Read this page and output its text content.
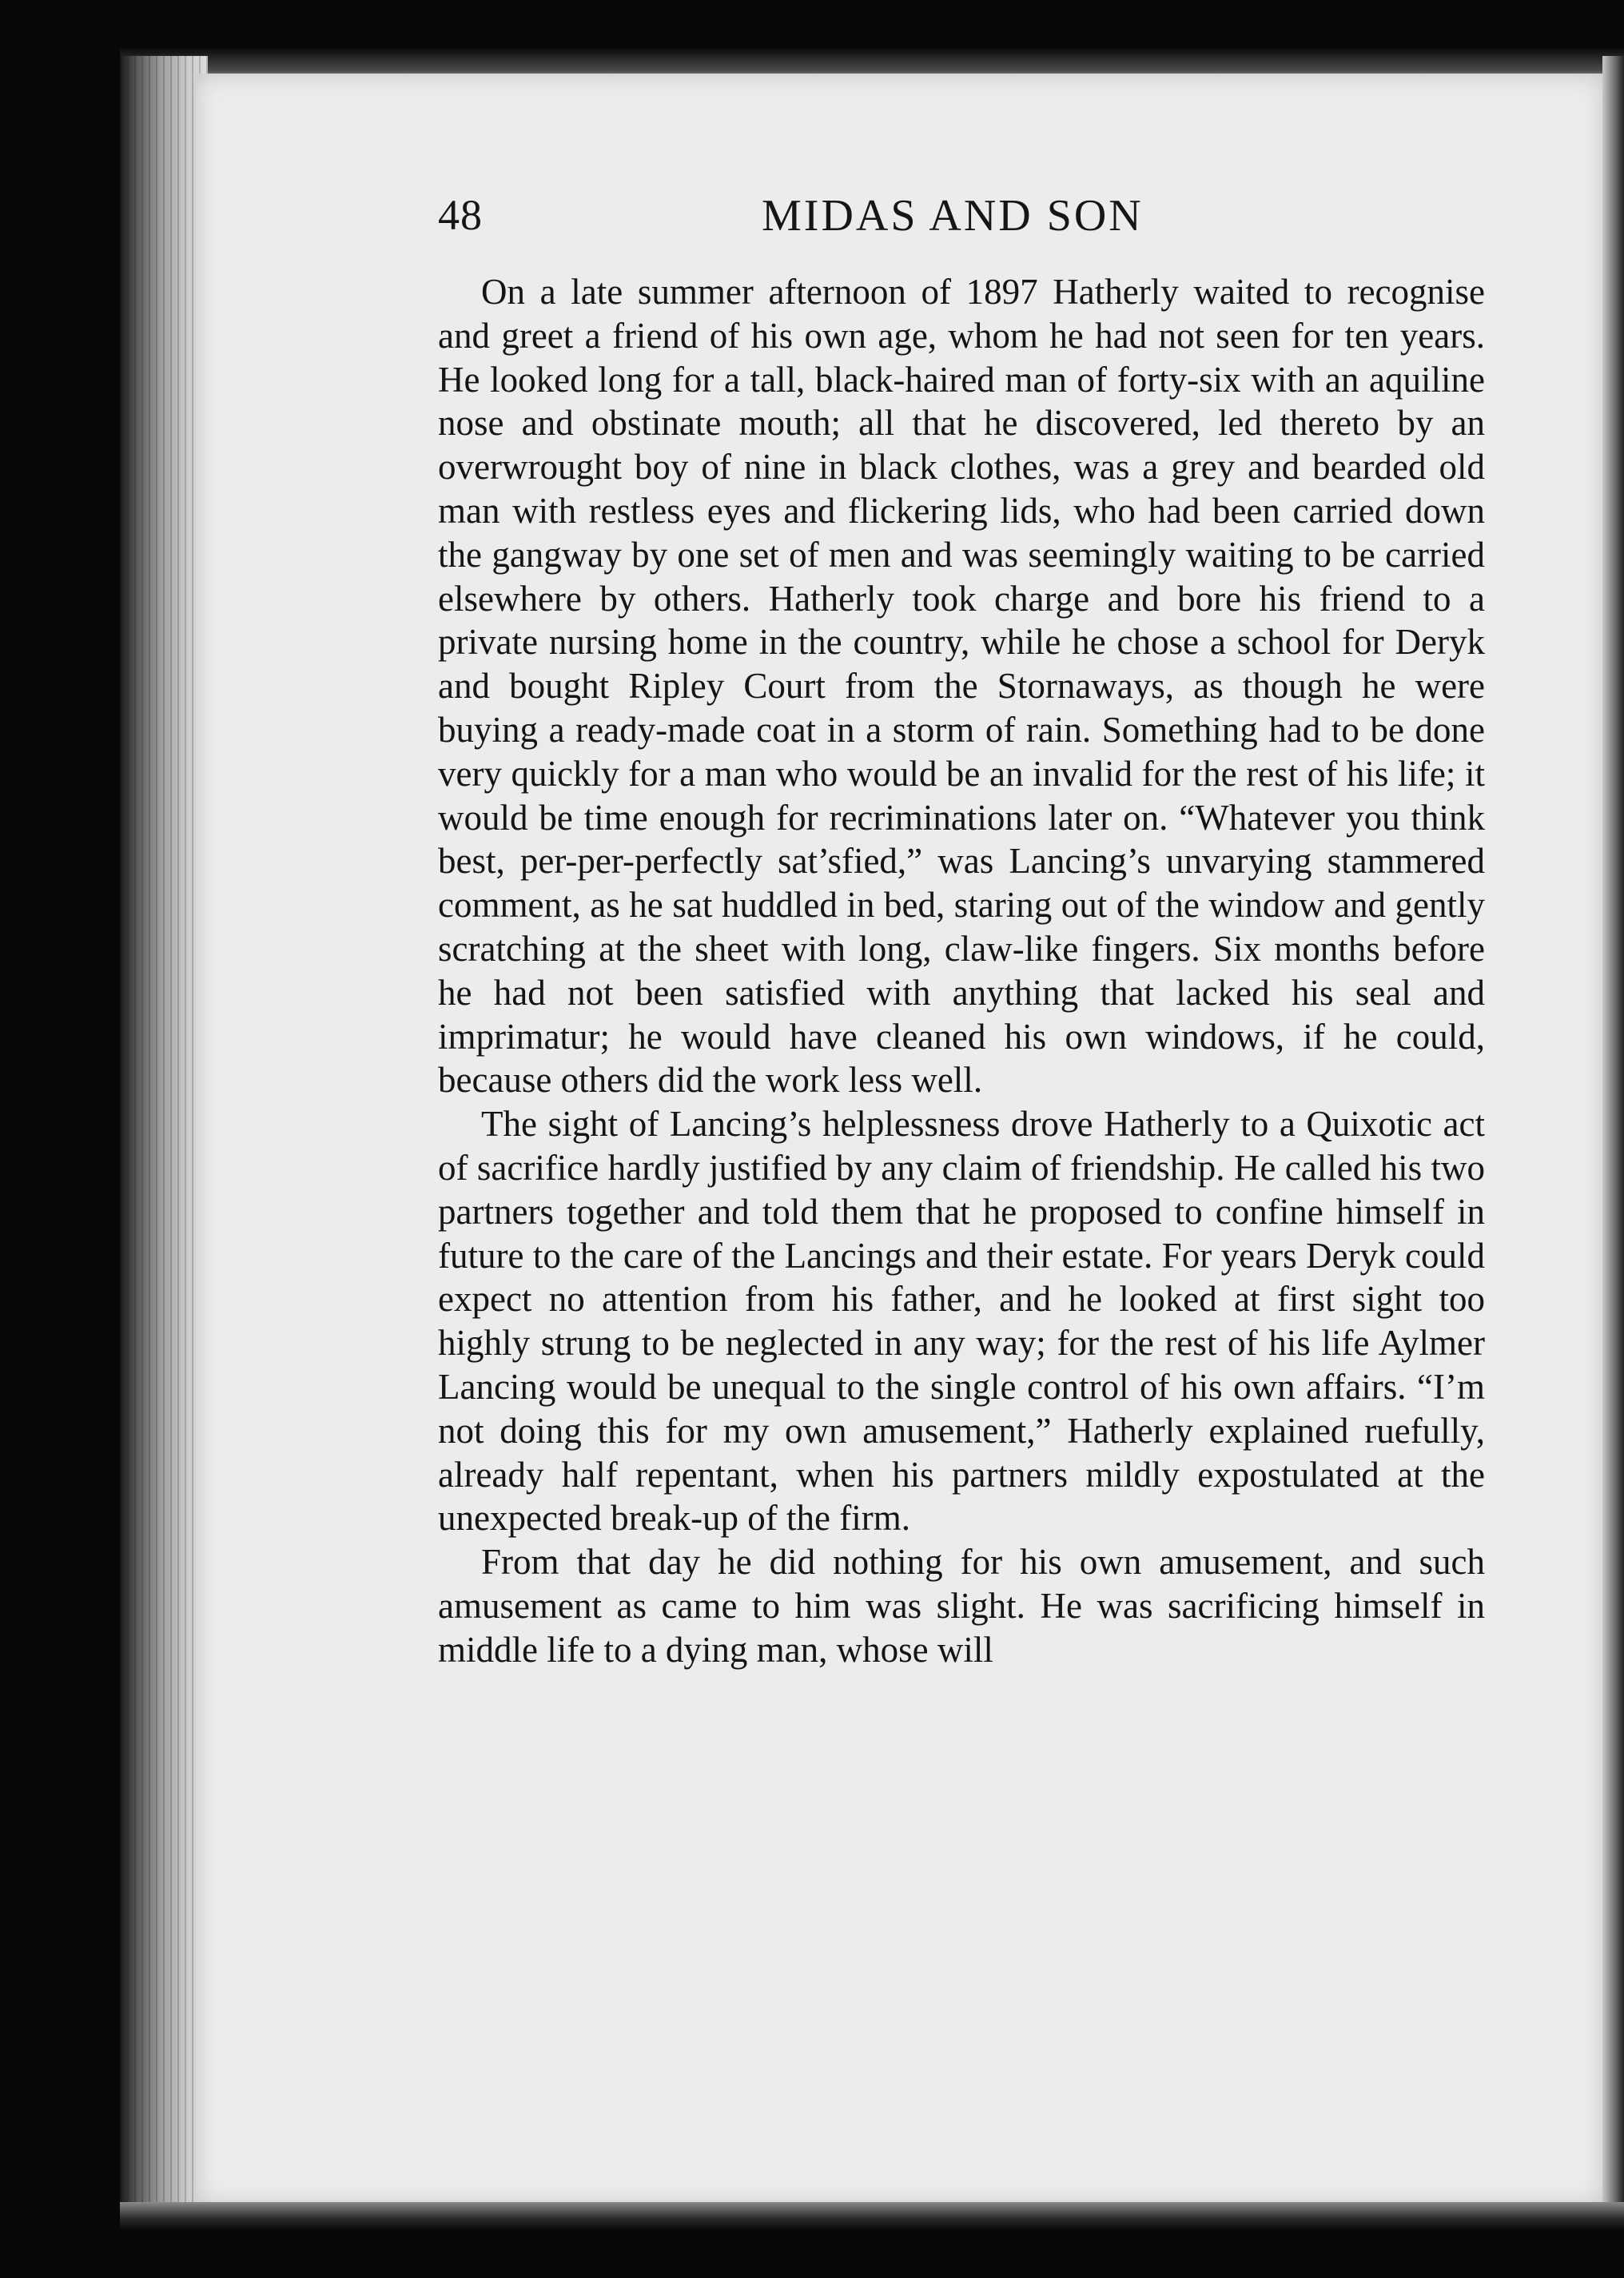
48	MIDAS AND SON

On a late summer afternoon of 1897 Hatherly waited to recognise and greet a friend of his own age, whom he had not seen for ten years. He looked long for a tall, black-haired man of forty-six with an aquiline nose and obstinate mouth; all that he discovered, led thereto by an overwrought boy of nine in black clothes, was a grey and bearded old man with restless eyes and flickering lids, who had been carried down the gangway by one set of men and was seemingly waiting to be carried elsewhere by others. Hatherly took charge and bore his friend to a private nursing home in the country, while he chose a school for Deryk and bought Ripley Court from the Stornaways, as though he were buying a ready-made coat in a storm of rain. Something had to be done very quickly for a man who would be an invalid for the rest of his life; it would be time enough for recriminations later on. “Whatever you think best, per-per-perfectly sat’sfied,” was Lancing’s unvarying stammered comment, as he sat huddled in bed, staring out of the window and gently scratching at the sheet with long, claw-like fingers. Six months before he had not been satisfied with anything that lacked his seal and imprimatur; he would have cleaned his own windows, if he could, because others did the work less well.

The sight of Lancing’s helplessness drove Hatherly to a Quixotic act of sacrifice hardly justified by any claim of friendship. He called his two partners together and told them that he proposed to confine himself in future to the care of the Lancings and their estate. For years Deryk could expect no attention from his father, and he looked at first sight too highly strung to be neglected in any way; for the rest of his life Aylmer Lancing would be unequal to the single control of his own affairs. “I’m not doing this for my own amusement,” Hatherly explained ruefully, already half repentant, when his partners mildly expostulated at the unexpected break-up of the firm.

From that day he did nothing for his own amusement, and such amusement as came to him was slight. He was sacrificing himself in middle life to a dying man, whose will
